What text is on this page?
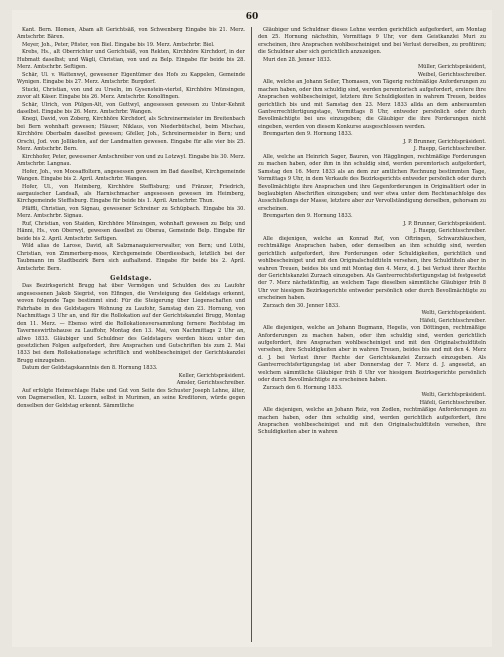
60

Kant. Bern. Illomen, Abam alt Gerichtsäß, von Schwenberg Eingabe bis 21. Merz. Amtschrbr. Bären.

Meyer, Joh., Peter, Pfister, von Biel. Eingabe bis 19. Merz. Amtschrbr. Biel.

Krebs, Hs., alt Oberrichter und Gerichtsäß, von Rekten, Kirchhöre Kirchdorf, in der Hubmatt daselbst; und Wägli, Christian, von und zu Belp. Eingabe für beide bis 28. Merz. Amtschrbr. Seftigen.

Schär, Ul. v. Wattenwyl, gewesener Eigentümer des Hofs zu Kappelen, Gemeinde Wynigen. Eingabe bis 27. Merz. Amtschrbr. Burgdorf.

Stucki, Christian, von und zu Urseln, im Gysenstein-viertel, Kirchhöre Münsingen, zuvor alt Käser. Eingabe bis 26. Merz. Amtschrbr. Konolfingen.

Schär, Ulrich, von Pülgen-Alt, von Guttwyl, angesessen gewesen zu Unter-Kehnit daselbst. Eingabe bis 26. Merz. Amtschrbr. Wangen.

Knegi, David, von Zoberg, Kirchhöre Kirchdorf, als Schreinermeister im Breitenbach bei Bern wohnhaft gewesen; Häuser, Niklaus, von Niederbütschel, beim Mischau, Kirchhöre Oberbalm daselbst gewesen; Gfeller, Joh., Schreinermeister in Bern; und Orschi, Jod. von Jollikofen, auf der Landmatten gewesen. Eingabe für alle vier bis 25. Merz. Amtschrbr. Bern.

Kirchhofer, Peter, gewesener Amtschreiber von und zu Lotzwyl. Eingabe bis 30. Merz. Amtschrbr. Langnau.

Hofer, Joh., von Moosaffoltern, angesessen gewesen im Bad daselbst, Kirchgemeinde Wangen. Eingabe bis 2. April. Amtschrbr. Wangen.

Hofer, Ul., von Heimberg, Kirchhöre Steffisburg; und Fränzer, Friedrich, aargauischer Landsaß, als Harnischmacher angesessen gewesen im Heimberg, Kirchgemeinde Steffisburg. Eingabe für beide bis 1. April. Amtschrbr. Thun.

Pfäffli, Christian, von Signau, gewesener Schreiner zu Schüpbach. Eingabe bis 30. Merz. Amtschrbr. Signau.

Ruf, Christian, von Staiden, Kirchhöre Münsingen, wohnhaft gewesen zu Belp; und Hänni, Hs., von Oberwyl, gewesen daselbst zu Oberau, Gemeinde Belp. Eingabe für beide bis 2. April. Amtschrbr. Seftigen.

Wild alias de Larose, David, alt Salzmanaquierverwalter, von Bern; und Lüthi, Christian, von Zimmerberg-moos, Kirchgemeinde Oberdiessbach, letztlich bei der Taubmann im Stadtbezirk Bern sich aufhaltend. Eingabe für beide bis 2. April. Amtschrbr. Bern.

Geldstage.

Das Bezirksgericht Brugg hat über Vermögen und Schulden des zu Laufohr angesessenen Jakob Siegrist, von Elfingen, die Versteigung des Geldstags erkennt, wovon folgende Tage bestimmt sind: Für die Steigerung über Liegenschaften und Fahrhabe in des Geldstagers Wohnung zu Laufohr, Samstag den 23. Hornung, von Nachmittags 3 Uhr an, und für die Rollokation auf der Gerichtskanzlei Brugg, Montag den 11. Merz. — Ebenso wird die Rollokationsversammlung fernere Rechtstag im Taverneswirthshause zu Lauffohr, Montag den 13. Mai, von Nachmittags 2 Uhr an, allwo 1833. Gläubiger und Schuldner des Geldstagers werden hiezu unter den gesetzlichen Folgen aufgefordert, ihre Ansprachen und Gutschriften bis zum 2. Mai 1833 bei dem Rollokationstage schriftlich und wohlbescheiniget der Gerichtskanzlei Brugg einzugeben.

Datum der Geldstagskanntnis den 8. Hornung 1833.

Keller, Gerichtspräsident.

Amsler, Gerichtsschreiber.

Auf erfolgte Heimschlage Habe und Gut von Seite des Schuster Joseph Lehne, älter, von Dagmersellen, Kt. Luzern, selbst in Murimen, an seine Kreditoren, würde gegen denselben der Geldstag erkennt. Sämmtliche

Gläubiger und Schuldner dieses Lehne werden gerichtlich aufgefordert, am Montag den 25. Hornung nächsthin, Vormittags 9 Uhr, vor dem Geistkanzlei Muri zu erscheinen, ihre Ansprachen wohlbescheiniget und bei Verlust derselben, zu profitiren; die Schuldner aber sich gerichtlich anzuzeigen.

Muri den 28. Jenner 1833.

Müller, Gerichtspräsident,

Weibel, Gerichtsschreiber.

Alle, welche an Johann Seiler, Thomasen, von Tägerig rechtmäßige Anforderungen zu machen haben, oder ihm schuldig sind, werden peremtorisch aufgefordert, erstere ihre Ansprachen wohlbescheiniget, letztere ihre Schuldigkeiten in wahrem Treuen, beides gerichtlich bis und mit Samstag den 23. Merz 1833 allda an dem anberaumten Gantverrechtfertigungstage, Vormittags 8 Uhr, entweder persönlich oder durch Bevollmächtigte bei uns einzugeben; die Gläubiger die ihre Forderungen nicht eingeben, werden von diesem Konkurse ausgeschlossen werden.

Bremgarten den 9. Hornung 1833.

J. P. Brunner, Gerichtspräsident.

J. Ruepp, Gerichtsschreiber.

Alle, welche an Heinrich Sager, Bauren, von Hägglingen, rechtmäßige Forderungen zu machen haben, oder ihm in ihn schuldig sind, werden peremtorisch aufgefordert, Samstag den 16. Merz 1833 als an dem zur amtlichen Rechnung bestimmten Tage, Vormittags 9 Uhr, in dem Verkaufe des Bezirksgerichts entweder persönlich oder durch Bevollmächtigte ihre Ansprachen und ihre Gegenforderungen in Originalitiert oder in beglaubigten Abschriften einzugeben; und wer etwa unter dem Rechtsnachfolge des Ausschließungs der Masse, letztere aber zur Vervollständigung derselben, gehorsam zu erscheinen.

Bremgarten den 9. Hornung 1833.

J. P. Brunner, Gerichtspräsident.

J. Ruepp, Gerichtsschreiber.

Alle diejenigen, welche an Konrad Ref, von Oftringen, Schwarzhäuschen, rechtmäßige Ansprachen haben, oder demselben an ihm schuldig sind, werden gerichtlich aufgefordert, ihre Forderungen oder Schuldigkeiten, gerichtlich und wohlbescheiniget und mit den Originalschuldtiteln versehen, ihre Schuldtiteln aber in wahren Treuen, beides bis und mit Montag den 4. Merz, d. J. bei Verlust ihrer Rechte der Gerichtskanzlei Zurzach einzugeben. Als Gantverrechtsfertigungstag ist festgesetzt der 7. Merz nächstkünftig, an welchem Tage dieselben sämmtliche Gläubiger früh 8 Uhr vor hiesigem Bezirksgerichte entweder persönlich oder durch Bevollmächtigte zu erscheinen haben.

Zurzach den 30. Jenner 1833.

Welti, Gerichtspräsident.

Häfeli, Gerichtsschreiber.

Alle diejenigen, welche an Johann Bugmann, Hegelis, von Döttingen, rechtmäßige Anforderungen zu machen haben, oder ihm schuldig sind, werden gerichtlich aufgefordert, ihre Ansprachen wohlbescheiniget und mit den Originalschuldtiteln versehen, ihre Schuldigkeiten aber in wahren Treuen, beides bis und mit den 4. Merz d. J. bei Verlust ihrer Rechte der Gerichtskanzlei Zurzach einzugeben. Als Gantverrechtsfertigungstag ist aber Donnerstag der 7. Merz d. J. angesetzt, an welchem sämmtliche Gläubiger früh 8 Uhr vor hiesigem Bezirksgerichte persönlich oder durch Bevollmächtigte zu erscheinen haben.

Zurzach den 6. Hornung 1833.

Welti, Gerichtspräsident.

Häfeli, Gerichtsschreiber.

Alle diejenigen, welche an Johann Reiz, von Zodlen, rechtmäßige Anforderungen zu machen haben, oder ihm schuldig sind, werden gerichtlich aufgefordert, ihre Ansprachen wohlbescheiniget und mit den Originalschuldtiteln versehen, ihre Schuldigkeiten aber in wahren
